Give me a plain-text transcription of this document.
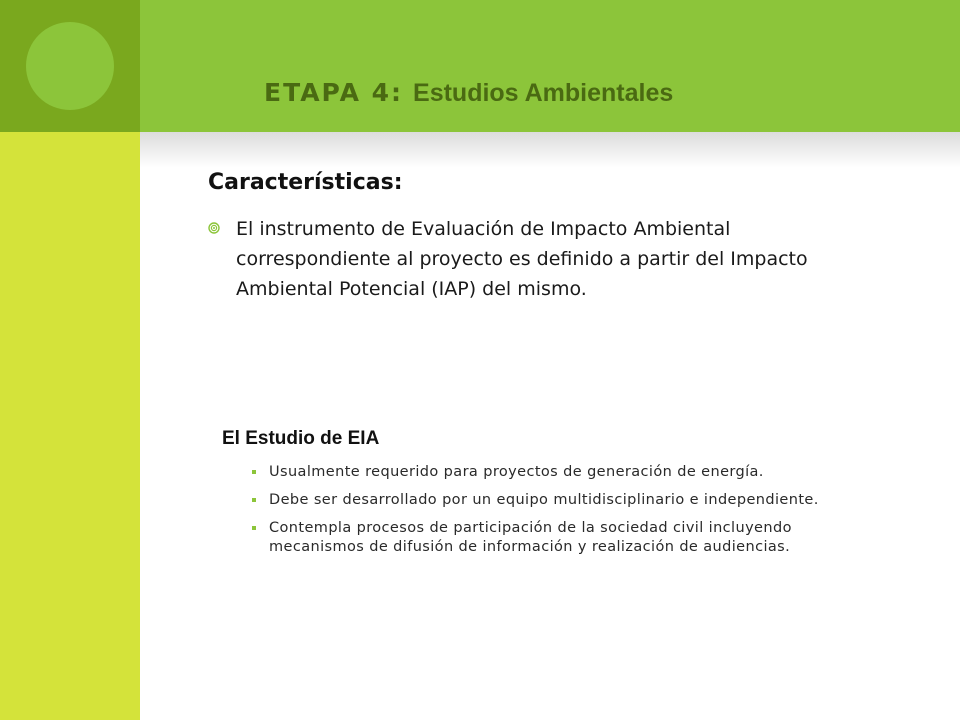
ETAPA 4: Estudios Ambientales
Características:
El instrumento de Evaluación de Impacto Ambiental correspondiente al proyecto es definido a partir del Impacto Ambiental Potencial (IAP) del mismo.
El Estudio de EIA
Usualmente requerido para proyectos de generación de energía.
Debe ser desarrollado por un equipo multidisciplinario e independiente.
Contempla procesos de participación de la sociedad civil incluyendo mecanismos de difusión de información y realización de audiencias.
